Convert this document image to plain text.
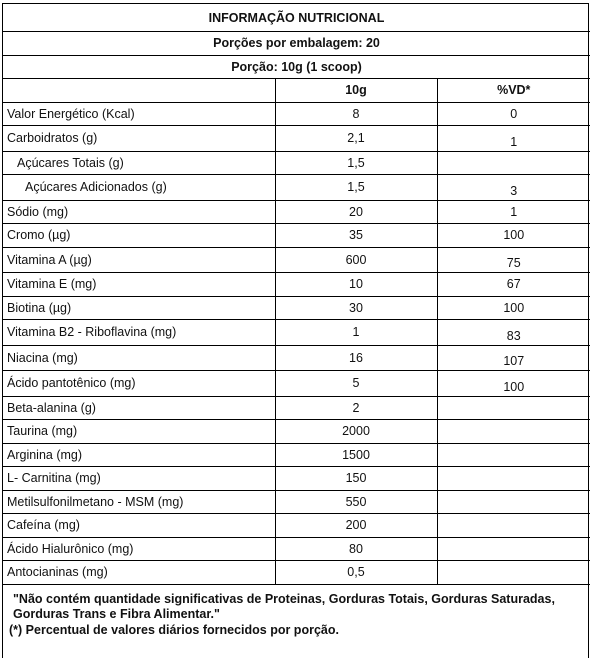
INFORMAÇÃO NUTRICIONAL		
Porções por embalagem: 20		
Porção: 10g (1 scoop)		
	10g	%VD*
Valor Energético (Kcal)	8	0
Carboidratos (g)	2,1	1
Açúcares Totais (g)	1,5	
Açúcares Adicionados (g)	1,5	3
Sódio (mg)	20	1
Cromo (µg)	35	100
Vitamina A (µg)	600	75
Vitamina E (mg)	10	67
Biotina (µg)	30	100
Vitamina B2 - Riboflavina (mg)	1	83
Niacina (mg)	16	107
Ácido pantotênico (mg)	5	100
Beta-alanina (g)	2	
Taurina (mg)	2000	
Arginina (mg)	1500	
L- Carnitina (mg)	150	
Metilsulfonilmetano - MSM (mg)	550	
Cafeína (mg)	200	
Ácido Hialurônico (mg)	80	
Antocianinas (mg)	0,5	

"Não contém quantidade significativas de Proteinas, Gorduras Totais, Gorduras Saturadas, Gorduras Trans e Fibra Alimentar."

(*) Percentual de valores diários fornecidos por porção.
